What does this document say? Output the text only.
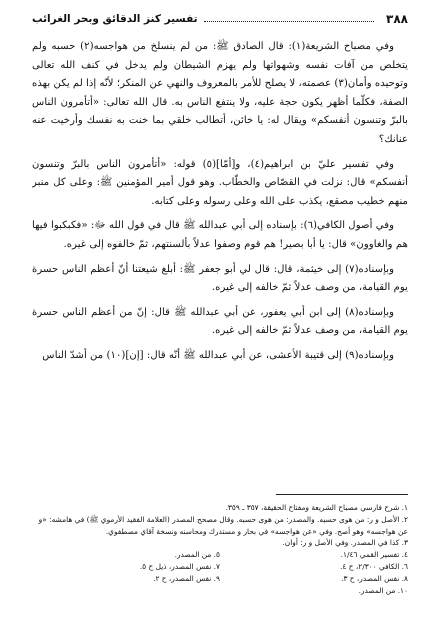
٣٨٨
تفسير كنز الدقائق وبحر الغرائب

وفي مصباح الشريعة(١): قال الصادق ﷺ: من لم ينسلخ من هواجسه(٢) حسبه ولم يتخلص من آفات نفسه وشهواتها ولم يهزم الشيطان ولم يدخل في كنف الله تعالى وتوحيده وأمان(٣) عصمته، لا يصلح للأمر بالمعروف والنهي عن المنكر؛ لأنّه إذا لم يكن بهذه الصفة، فكلّما أظهر يكون حجة عليه، ولا ينتفع الناس به. قال الله تعالى: «أتأمرون الناس بالبرّ وتنسون أنفسكم» ويقال له: يا خائن، أتطالب خلقي بما خنت به نفسك وأرخيت عنه عنانك؟

وفي تفسير عليّ بن ابراهيم(٤)، و[أمّا](٥) قوله: «أتأمرون الناس بالبرّ وتنسون أنفسكم» قال: نزلت في القصّاص والخطّاب. وهو قول أمير المؤمنين ﷺ: وعلى كل منبر منهم خطيب مصقع، يكذب على الله وعلى رسوله وعلى كتابه.

وفي أصول الكافي(٦): بإسناده إلى أبي عبدالله ﷺ قال في قول الله ﷻ: «فكبكبوا فيها هم والغاوون» قال: يا أبا بصير! هم قوم وصفوا عدلاً بألسنتهم، ثمّ خالفوه إلى غيره.

وبإسناده(٧) إلى خيثمة، قال: قال لي أبو جعفر ﷺ: أبلغ شيعتنا أنّ أعظم الناس حسرة يوم القيامة، من وصف عدلاً ثمّ خالفه إلى غيره.

وبإسناده(٨) إلى ابن أبي يعفور، عن أبي عبدالله ﷺ قال: إنّ من أعظم الناس حسرة يوم القيامة، من وصف عدلاً ثمّ خالفه إلى غيره.

وبإسناده(٩) إلى قتيبة الأعشى، عن أبي عبدالله ﷺ أنّه قال: [إن](١٠) من أشدّ الناس

١. شرح فارسي مصباح الشريعة ومفتاح الحقيقة، ٣٥٧ ـ ٣٥٩.
٢. الأصل و ر: من هوى حسبه. والمصدر: من هوى حسبه. وقال مصحح المصدر (العلامة الفقيد الأرموي ﷺ) في هامشه: «و عن هواجسه» وهو أصح. وفي «عن هواجسه» في بحار و مستدرك ومحاسنه ونسخة آقاي مصطفوي.
٣. كذا في المصدر. وفي الأصل و ر: أوان.
٤. تفسير القمي ١/٤٦.
٥. من المصدر.
٦. الكافي ٢/٣٠٠، ح ٤.
٧. نفس المصدر، ذيل ح ٥.
٨. نفس المصدر، ح ٣.
٩. نفس المصدر، ح ٢.
١٠. من المصدر.
